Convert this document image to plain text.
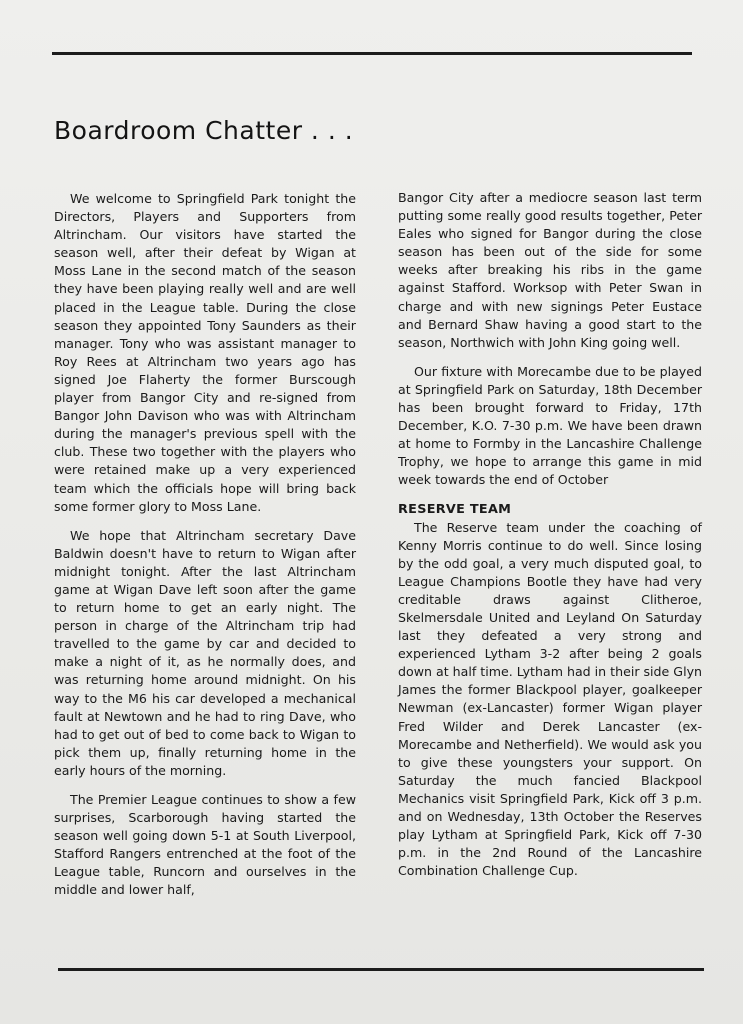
Boardroom Chatter . . .

We welcome to Springfield Park tonight the Directors, Players and Supporters from Altrincham. Our visitors have started the season well, after their defeat by Wigan at Moss Lane in the second match of the season they have been playing really well and are well placed in the League table. During the close season they appointed Tony Saunders as their manager. Tony who was assistant manager to Roy Rees at Altrincham two years ago has signed Joe Flaherty the former Burscough player from Bangor City and re-signed from Bangor John Davison who was with Altrincham during the manager's previous spell with the club. These two together with the players who were retained make up a very experienced team which the officials hope will bring back some former glory to Moss Lane.

We hope that Altrincham secretary Dave Baldwin doesn't have to return to Wigan after midnight tonight. After the last Altrincham game at Wigan Dave left soon after the game to return home to get an early night. The person in charge of the Altrincham trip had travelled to the game by car and decided to make a night of it, as he normally does, and was returning home around midnight. On his way to the M6 his car developed a mechanical fault at Newtown and he had to ring Dave, who had to get out of bed to come back to Wigan to pick them up, finally returning home in the early hours of the morning.

The Premier League continues to show a few surprises, Scarborough having started the season well going down 5-1 at South Liverpool, Stafford Rangers entrenched at the foot of the League table, Runcorn and ourselves in the middle and lower half,

Bangor City after a mediocre season last term putting some really good results together, Peter Eales who signed for Bangor during the close season has been out of the side for some weeks after breaking his ribs in the game against Stafford. Worksop with Peter Swan in charge and with new signings Peter Eustace and Bernard Shaw having a good start to the season, Northwich with John King going well.

Our fixture with Morecambe due to be played at Springfield Park on Saturday, 18th December has been brought forward to Friday, 17th December, K.O. 7-30 p.m. We have been drawn at home to Formby in the Lancashire Challenge Trophy, we hope to arrange this game in mid week towards the end of October

RESERVE TEAM

The Reserve team under the coaching of Kenny Morris continue to do well. Since losing by the odd goal, a very much disputed goal, to League Champions Bootle they have had very creditable draws against Clitheroe, Skelmersdale United and Leyland On Saturday last they defeated a very strong and experienced Lytham 3-2 after being 2 goals down at half time. Lytham had in their side Glyn James the former Blackpool player, goalkeeper Newman (ex-Lancaster) former Wigan player Fred Wilder and Derek Lancaster (ex-Morecambe and Netherfield). We would ask you to give these youngsters your support. On Saturday the much fancied Blackpool Mechanics visit Springfield Park, Kick off 3 p.m. and on Wednesday, 13th October the Reserves play Lytham at Springfield Park, Kick off 7-30 p.m. in the 2nd Round of the Lancashire Combination Challenge Cup.
